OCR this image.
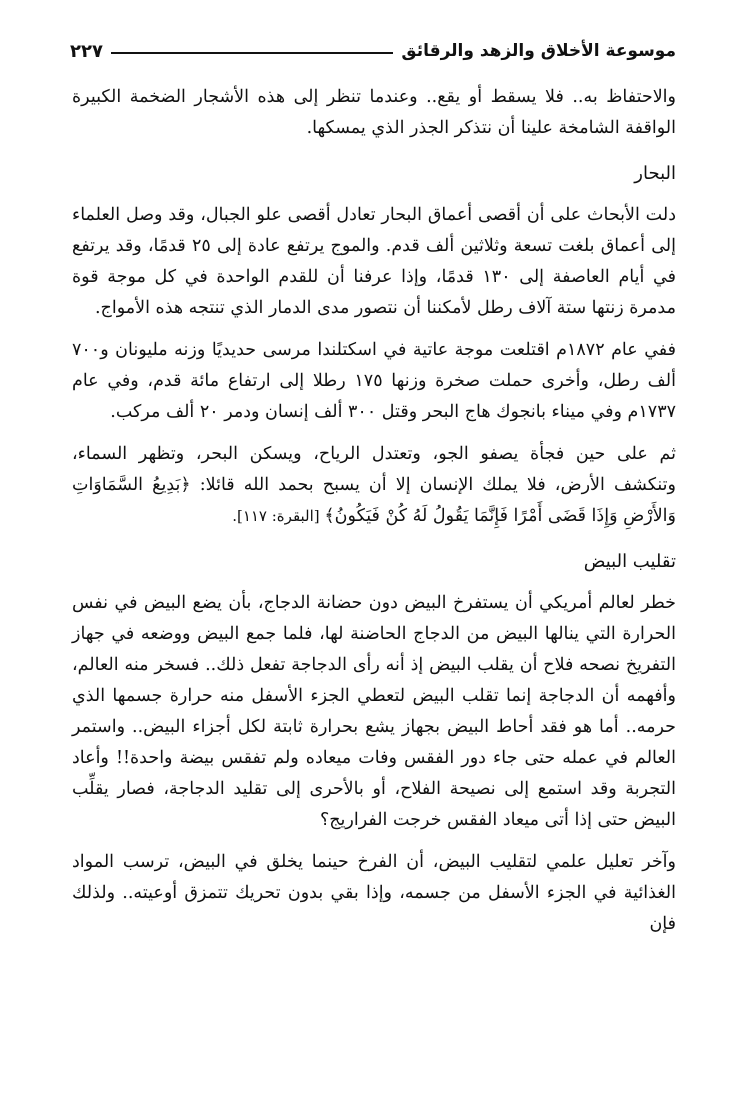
موسوعة الأخلاق والزهد والرقائق
٢٢٧

والاحتفاظ به.. فلا يسقط أو يقع.. وعندما تنظر إلى هذه الأشجار الضخمة الكبيرة الواقفة الشامخة علينا أن نتذكر الجذر الذي يمسكها.

البحار

دلت الأبحاث على أن أقصى أعماق البحار تعادل أقصى علو الجبال، وقد وصل العلماء إلى أعماق بلغت تسعة وثلاثين ألف قدم. والموج يرتفع عادة إلى ٢٥ قدمًا، وقد يرتفع في أيام العاصفة إلى ١٣٠ قدمًا، وإذا عرفنا أن للقدم الواحدة في كل موجة قوة مدمرة زنتها ستة آلاف رطل لأمكننا أن نتصور مدى الدمار الذي تنتجه هذه الأمواج.

ففي عام ١٨٧٢م اقتلعت موجة عاتية في اسكتلندا مرسى حديديًا وزنه مليونان و٧٠٠ ألف رطل، وأخرى حملت صخرة وزنها ١٧٥ رطلا إلى ارتفاع مائة قدم، وفي عام ١٧٣٧م وفي ميناء بانجوك هاج البحر وقتل ٣٠٠ ألف إنسان ودمر ٢٠ ألف مركب.

ثم على حين فجأة يصفو الجو، وتعتدل الرياح، ويسكن البحر، وتظهر السماء، وتنكشف الأرض، فلا يملك الإنسان إلا أن يسبح بحمد الله قائلا: ﴿بَدِيعُ السَّمَاوَاتِ وَالأَرْضِ وَإِذَا قَضَى أَمْرًا فَإِنَّمَا يَقُولُ لَهُ كُنْ فَيَكُونُ﴾ [البقرة: ١١٧].

تقليب البيض

خطر لعالم أمريكي أن يستفرخ البيض دون حضانة الدجاج، بأن يضع البيض في نفس الحرارة التي ينالها البيض من الدجاج الحاضنة لها، فلما جمع البيض ووضعه في جهاز التفريخ نصحه فلاح أن يقلب البيض إذ أنه رأى الدجاجة تفعل ذلك.. فسخر منه العالم، وأفهمه أن الدجاجة إنما تقلب البيض لتعطي الجزء الأسفل منه حرارة جسمها الذي حرمه.. أما هو فقد أحاط البيض بجهاز يشع بحرارة ثابتة لكل أجزاء البيض.. واستمر العالم في عمله حتى جاء دور الفقس وفات ميعاده ولم تفقس بيضة واحدة!! وأعاد التجربة وقد استمع إلى نصيحة الفلاح، أو بالأحرى إلى تقليد الدجاجة، فصار يقلِّب البيض حتى إذا أتى ميعاد الفقس خرجت الفراريج؟

وآخر تعليل علمي لتقليب البيض، أن الفرخ حينما يخلق في البيض، ترسب المواد الغذائية في الجزء الأسفل من جسمه، وإذا بقي بدون تحريك تتمزق أوعيته.. ولذلك فإن
